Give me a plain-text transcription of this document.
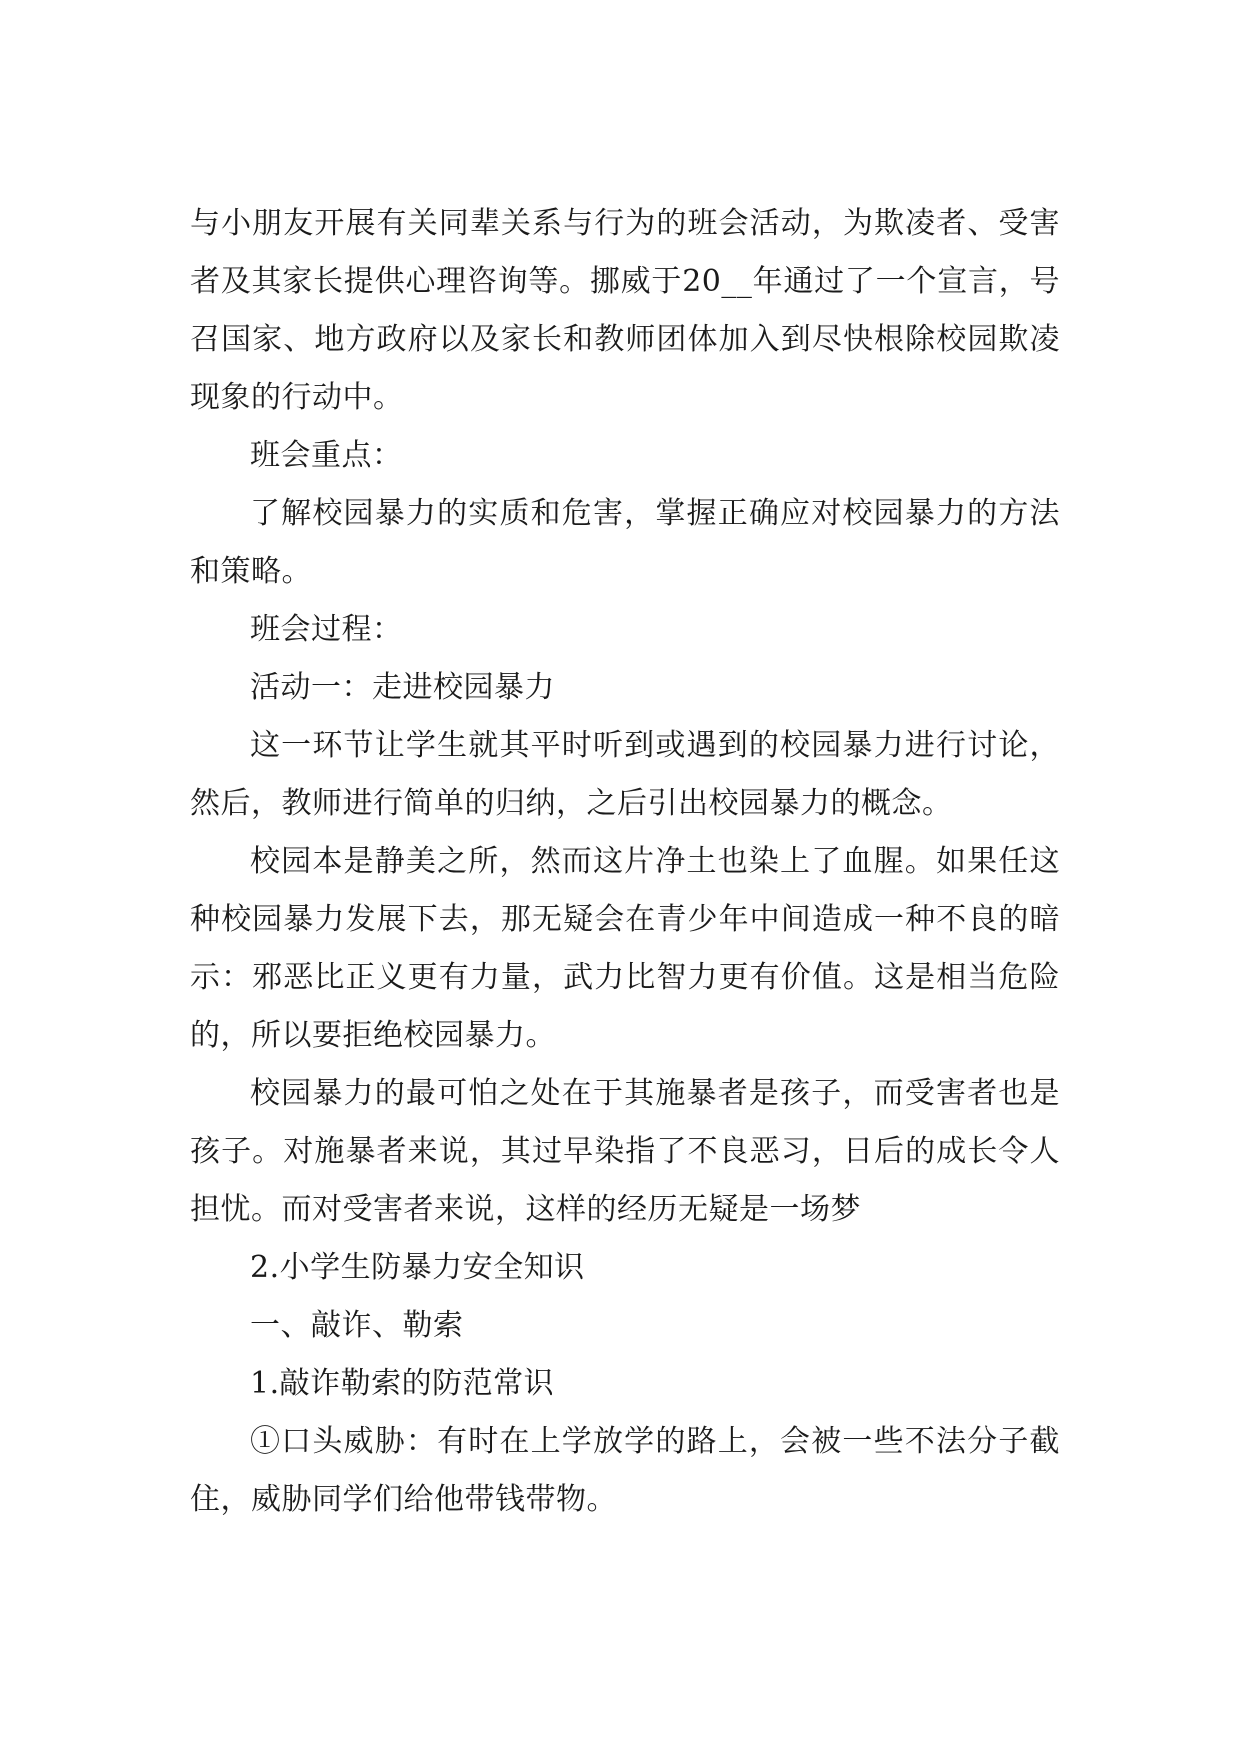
与小朋友开展有关同辈关系与行为的班会活动，为欺凌者、受害者及其家长提供心理咨询等。挪威于20__年通过了一个宣言，号召国家、地方政府以及家长和教师团体加入到尽快根除校园欺凌现象的行动中。

班会重点：

了解校园暴力的实质和危害，掌握正确应对校园暴力的方法和策略。

班会过程：

活动一：走进校园暴力

这一环节让学生就其平时听到或遇到的校园暴力进行讨论，然后，教师进行简单的归纳，之后引出校园暴力的概念。

校园本是静美之所，然而这片净土也染上了血腥。如果任这种校园暴力发展下去，那无疑会在青少年中间造成一种不良的暗示：邪恶比正义更有力量，武力比智力更有价值。这是相当危险的，所以要拒绝校园暴力。

校园暴力的最可怕之处在于其施暴者是孩子，而受害者也是孩子。对施暴者来说，其过早染指了不良恶习，日后的成长令人担忧。而对受害者来说，这样的经历无疑是一场梦

2.小学生防暴力安全知识

一、敲诈、勒索

1.敲诈勒索的防范常识

①口头威胁：有时在上学放学的路上，会被一些不法分子截住，威胁同学们给他带钱带物。
